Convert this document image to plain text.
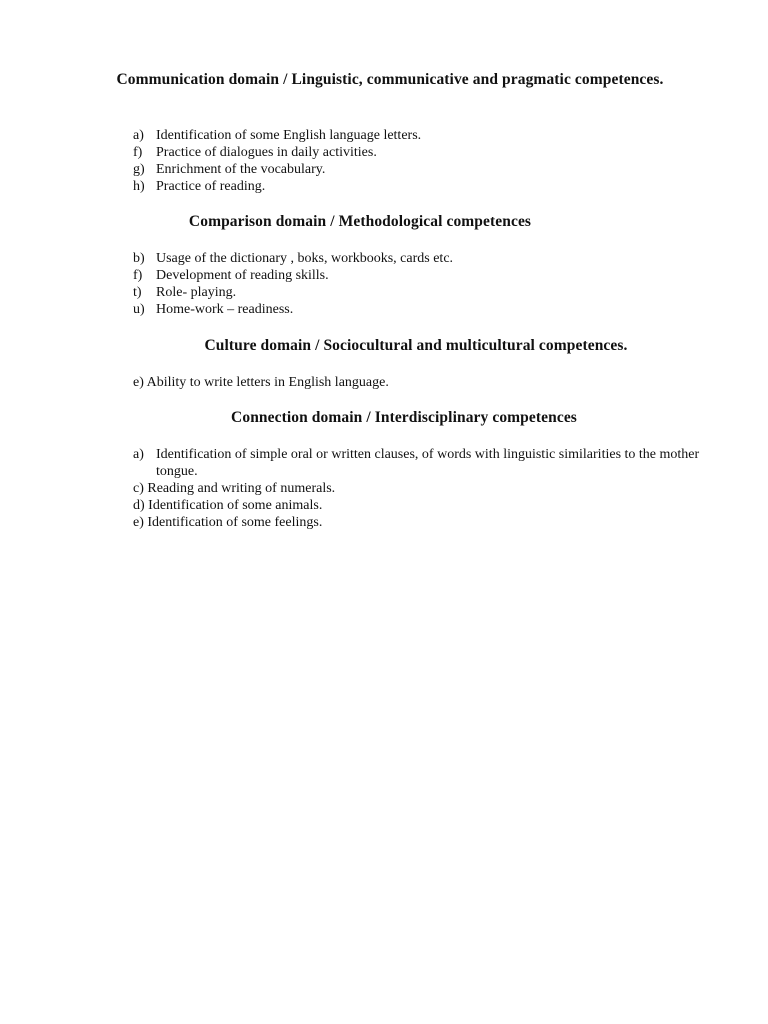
Communication domain / Linguistic, communicative and pragmatic competences.
a) Identification of some English language letters.
f) Practice of dialogues in daily activities.
g) Enrichment of the vocabulary.
h) Practice of reading.
Comparison domain / Methodological competences
b) Usage of the dictionary , boks, workbooks, cards etc.
f) Development of reading skills.
t)	Role- playing.
u) Home-work – readiness.
Culture domain / Sociocultural and multicultural competences.

e) Ability to write letters in English language.

Connection domain / Interdisciplinary competences
a) Identification of simple oral or written clauses, of words with linguistic similarities to the mother tongue.

c) Reading and writing of numerals.

d) Identification of some animals.

e) Identification of some feelings.
